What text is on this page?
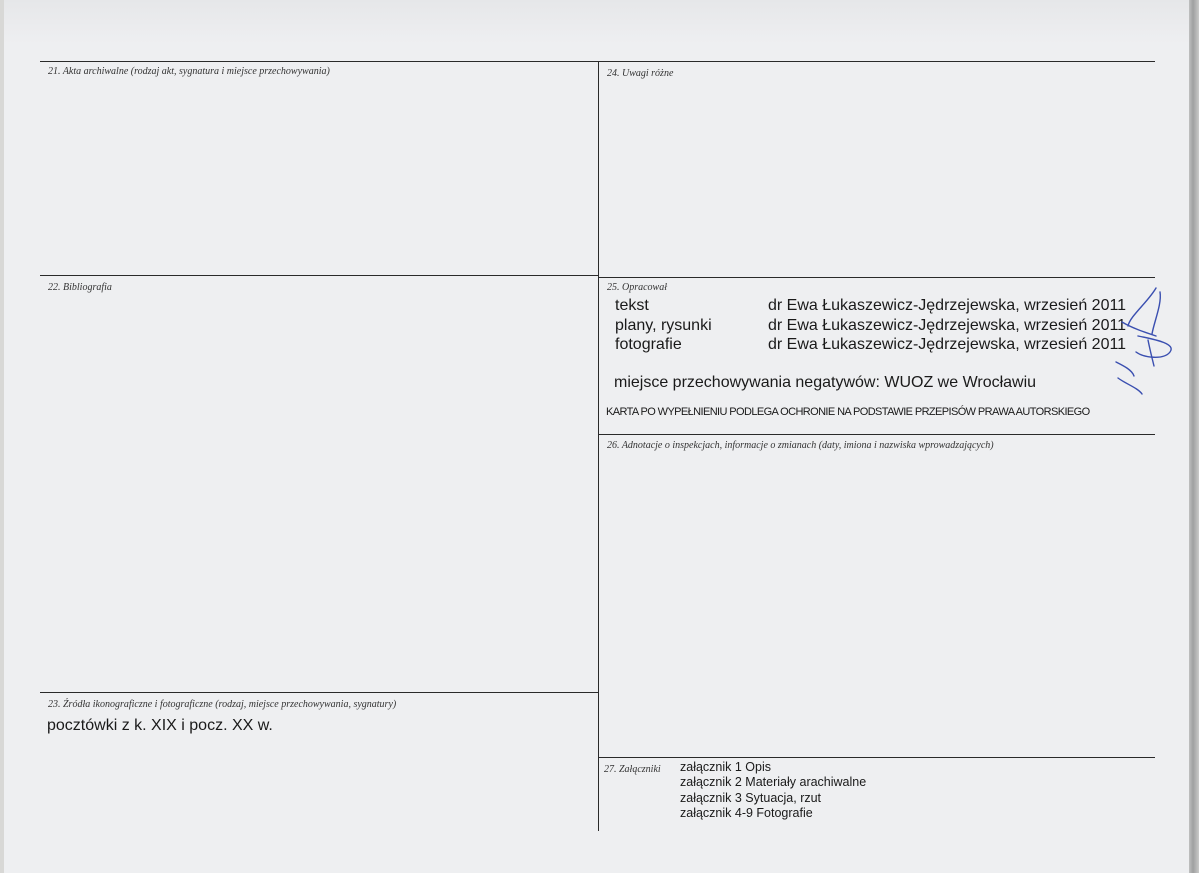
21. Akta archiwalne (rodzaj akt, sygnatura i miejsce przechowywania)	24. Uwagi różne
22. Bibliografia	25. Opracował
tekst	dr Ewa Łukaszewicz-Jędrzejewska, wrzesień 2011
plany, rysunki	dr Ewa Łukaszewicz-Jędrzejewska, wrzesień 2011
fotografie	dr Ewa Łukaszewicz-Jędrzejewska, wrzesień 2011
miejsce przechowywania negatywów: WUOZ we Wrocławiu
KARTA PO WYPEŁNIENIU PODLEGA OCHRONIE NA PODSTAWIE PRZEPISÓW PRAWA AUTORSKIEGO
26. Adnotacje o inspekcjach, informacje o zmianach (daty, imiona i nazwiska wprowadzających)
23. Źródła ikonograficzne i fotograficzne (rodzaj, miejsce przechowywania, sygnatury)
pocztówki z k. XIX i pocz. XX w.
27. Załączniki załącznik 1 Opis
załącznik 2 Materiały arachiwalne
załącznik 3 Sytuacja, rzut
załącznik 4-9 Fotografie
